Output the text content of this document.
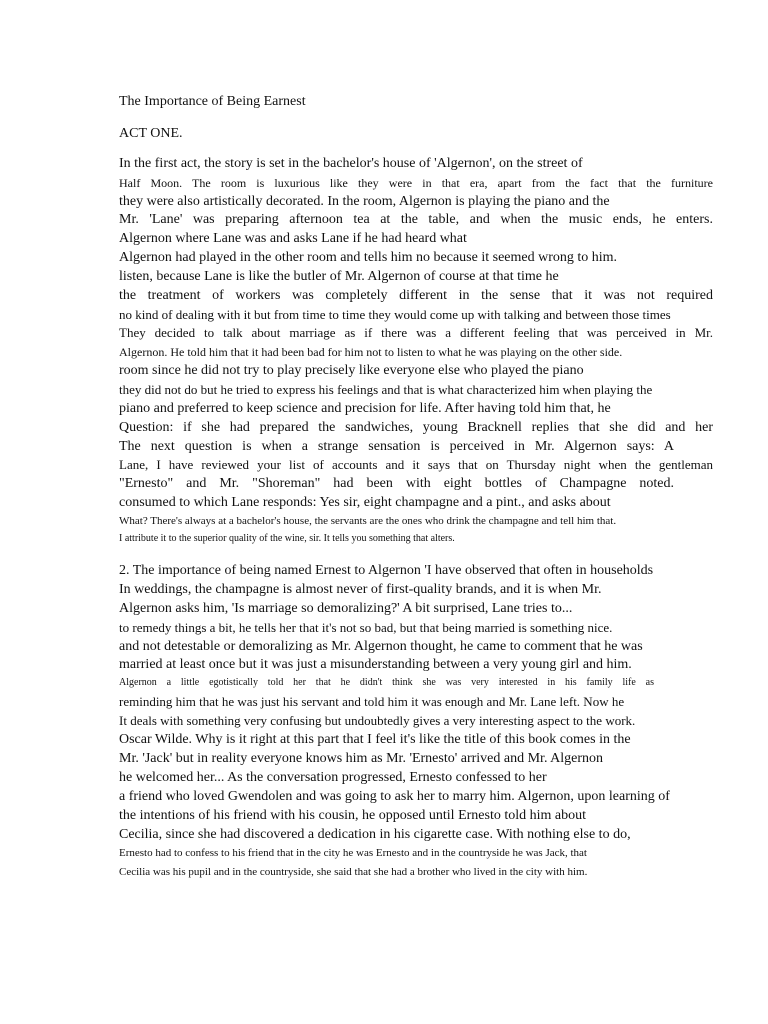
The Importance of Being Earnest
ACT ONE.
In the first act, the story is set in the bachelor's house of 'Algernon', on the street of
Half Moon. The room is luxurious like they were in that era, apart from the fact that the furniture
they were also artistically decorated. In the room, Algernon is playing the piano and the
Mr. 'Lane' was preparing afternoon tea at the table, and when the music ends, he enters.
Algernon where Lane was and asks Lane if he had heard what
Algernon had played in the other room and tells him no because it seemed wrong to him.
listen, because Lane is like the butler of Mr. Algernon of course at that time he
the treatment of workers was completely different in the sense that it was not required
no kind of dealing with it but from time to time they would come up with talking and between those times
They decided to talk about marriage as if there was a different feeling that was perceived in Mr.
Algernon. He told him that it had been bad for him not to listen to what he was playing on the other side.
room since he did not try to play precisely like everyone else who played the piano
they did not do but he tried to express his feelings and that is what characterized him when playing the
piano and preferred to keep science and precision for life. After having told him that, he
Question: if she had prepared the sandwiches, young Bracknell replies that she did and her
The next question is when a strange sensation is perceived in Mr. Algernon says: A
Lane, I have reviewed your list of accounts and it says that on Thursday night when the gentleman
"Ernesto" and Mr. "Shoreman" had been with eight bottles of Champagne noted.
consumed to which Lane responds: Yes sir, eight champagne and a pint., and asks about
What? There's always at a bachelor's house, the servants are the ones who drink the champagne and tell him that.
I attribute it to the superior quality of the wine, sir. It tells you something that alters.
2. The importance of being named Ernest to Algernon 'I have observed that often in households
In weddings, the champagne is almost never of first-quality brands, and it is when Mr.
Algernon asks him, 'Is marriage so demoralizing?' A bit surprised, Lane tries to...
to remedy things a bit, he tells her that it's not so bad, but that being married is something nice.
and not detestable or demoralizing as Mr. Algernon thought, he came to comment that he was
married at least once but it was just a misunderstanding between a very young girl and him.
Algernon a little egotistically told her that he didn't think she was very interested in his family life as
reminding him that he was just his servant and told him it was enough and Mr. Lane left. Now he
It deals with something very confusing but undoubtedly gives a very interesting aspect to the work.
Oscar Wilde. Why is it right at this part that I feel it's like the title of this book comes in the
Mr. 'Jack' but in reality everyone knows him as Mr. 'Ernesto' arrived and Mr. Algernon
he welcomed her... As the conversation progressed, Ernesto confessed to her
a friend who loved Gwendolen and was going to ask her to marry him. Algernon, upon learning of
the intentions of his friend with his cousin, he opposed until Ernesto told him about
Cecilia, since she had discovered a dedication in his cigarette case. With nothing else to do,
Ernesto had to confess to his friend that in the city he was Ernesto and in the countryside he was Jack, that
Cecilia was his pupil and in the countryside, she said that she had a brother who lived in the city with him.
